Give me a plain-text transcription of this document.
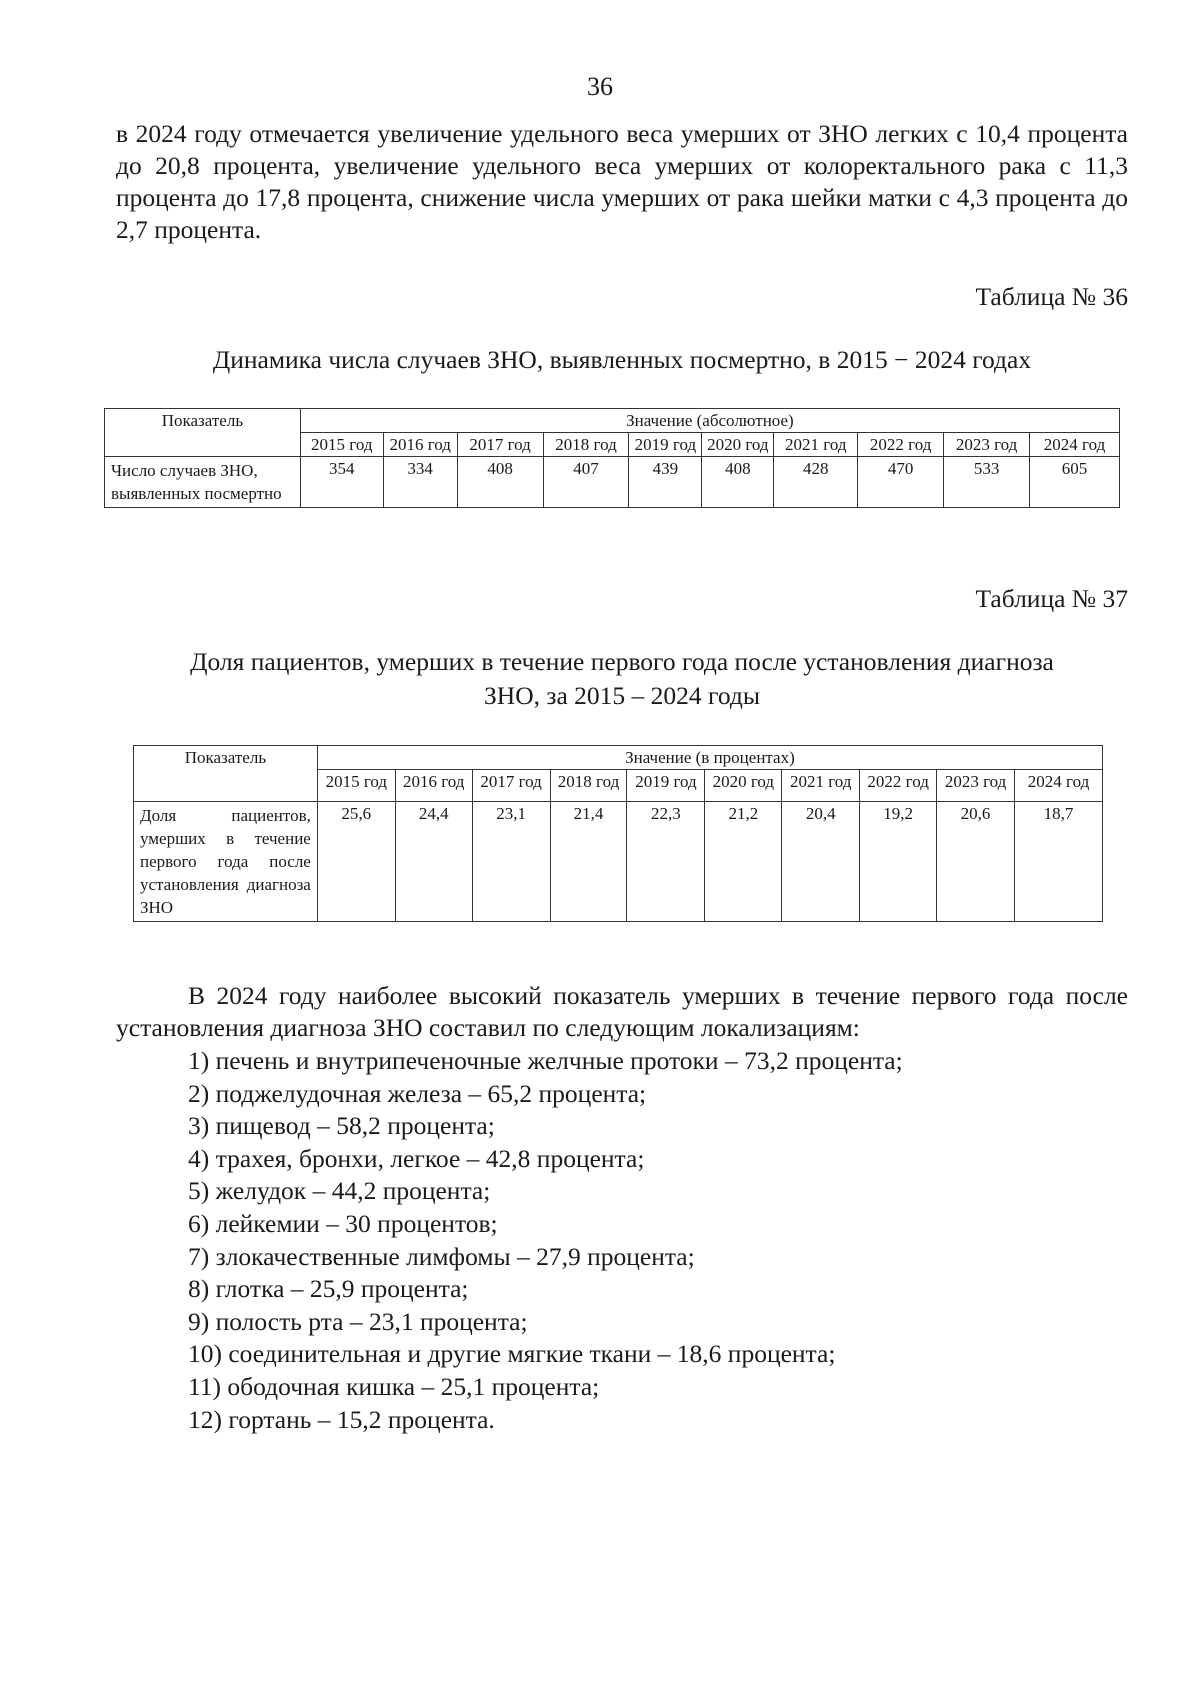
36

в 2024 году отмечается увеличение удельного веса умерших от ЗНО легких с 10,4 процента до 20,8 процента, увеличение удельного веса умерших от колоректального рака с 11,3 процента до 17,8 процента, снижение числа умерших от рака шейки матки с 4,3 процента до 2,7 процента.

Таблица № 36
Динамика числа случаев ЗНО, выявленных посмертно, в 2015 − 2024 годах
Показатель	Значение (абсолютное)									
	2015 год	2016 год	2017 год	2018 год	2019 год	2020 год	2021 год	2022 год	2023 год	2024 год
Число случаев ЗНО, выявленных посмертно	354	334	408	407	439	408	428	470	533	605
Таблица № 37
Доля пациентов, умерших в течение первого года после установления диагноза
ЗНО, за 2015 – 2024 годы
Показатель	Значение (в процентах)									
	2015 год	2016 год	2017 год	2018 год	2019 год	2020 год	2021 год	2022 год	2023 год	2024 год
Доля пациентов, умерших в течение первого года после установления диагноза ЗНО	25,6	24,4	23,1	21,4	22,3	21,2	20,4	19,2	20,6	18,7

В 2024 году наиболее высокий показатель умерших в течение первого года после установления диагноза ЗНО составил по следующим локализациям:

1) печень и внутрипеченочные желчные протоки – 73,2 процента;
2) поджелудочная железа – 65,2 процента;
3) пищевод – 58,2 процента;
4) трахея, бронхи, легкое – 42,8 процента;
5) желудок – 44,2 процента;
6) лейкемии – 30 процентов;
7) злокачественные лимфомы – 27,9 процента;
8) глотка – 25,9 процента;
9) полость рта – 23,1 процента;
10) соединительная и другие мягкие ткани – 18,6 процента;
11) ободочная кишка – 25,1 процента;
12) гортань – 15,2 процента.
